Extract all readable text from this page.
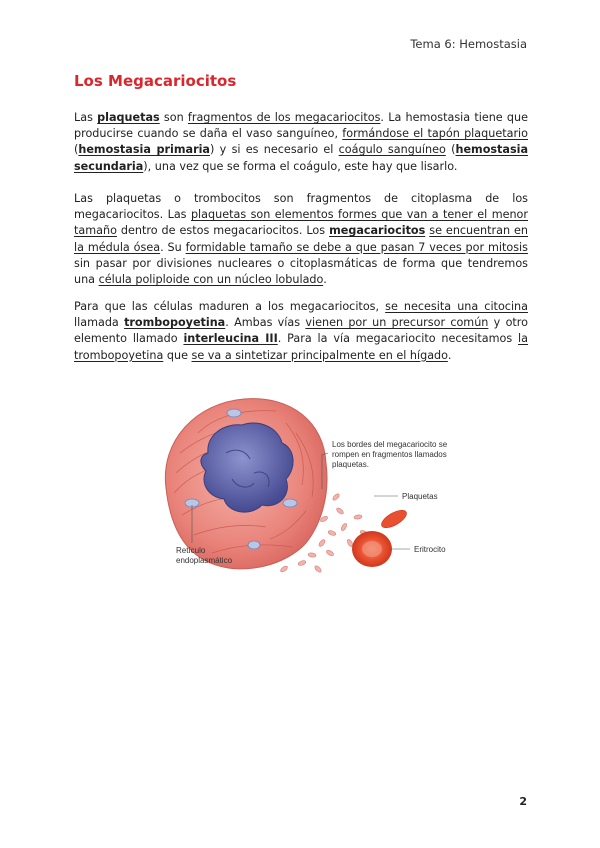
Tema 6: Hemostasia
Los Megacariocitos

Las plaquetas son fragmentos de los megacariocitos. La hemostasia tiene que producirse cuando se daña el vaso sanguíneo, formándose el tapón plaquetario (hemostasia primaria) y si es necesario el coágulo sanguíneo (hemostasia secundaria), una vez que se forma el coágulo, este hay que lisarlo.

Las plaquetas o trombocitos son fragmentos de citoplasma de los megacariocitos. Las plaquetas son elementos formes que van a tener el menor tamaño dentro de estos megacariocitos. Los megacariocitos se encuentran en la médula ósea. Su formidable tamaño se debe a que pasan 7 veces por mitosis sin pasar por divisiones nucleares o citoplasmáticas de forma que tendremos una célula poliploide con un núcleo lobulado.

Para que las células maduren a los megacariocitos, se necesita una citocina llamada trombopoyetina. Ambas vías vienen por un precursor común y otro elemento llamado interleucina III. Para la vía megacariocito necesitamos la trombopoyetina que se va a sintetizar principalmente en el hígado.

Los bordes del megacariocito se
rompen en fragmentos llamados
plaquetas.
Plaquetas
Eritrocito
Retículo
endoplasmático
2
